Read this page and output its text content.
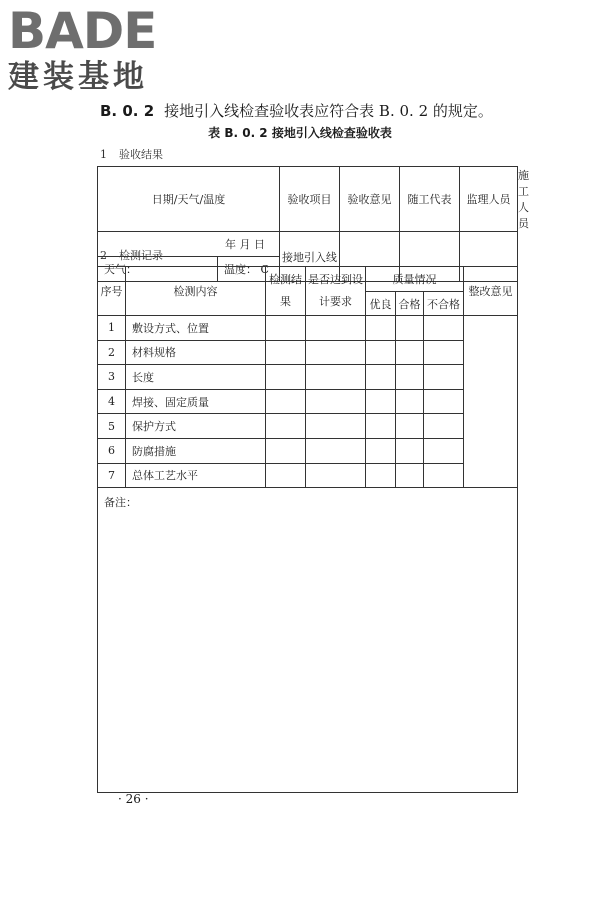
BADE
建装基地
B. 0. 2 接地引入线检查验收表应符合表 B. 0. 2 的规定。
表 B. 0. 2 接地引入线检查验收表
1 验收结果
日期/天气/温度		验收项目	验收意见	随工代表	监理人员	施工人员
年 月 日		接地引入线				
天气：	温度： C					
2 检测记录
序号	检测内容	检测结果	是否达到设计要求	质量情况			整改意见
				优良	合格	不合格	
1	敷设方式、位置						
2	材料规格						
3	长度						
4	焊接、固定质量						
5	保护方式						
6	防腐措施						
7	总体工艺水平						
备注：							
· 26 ·
